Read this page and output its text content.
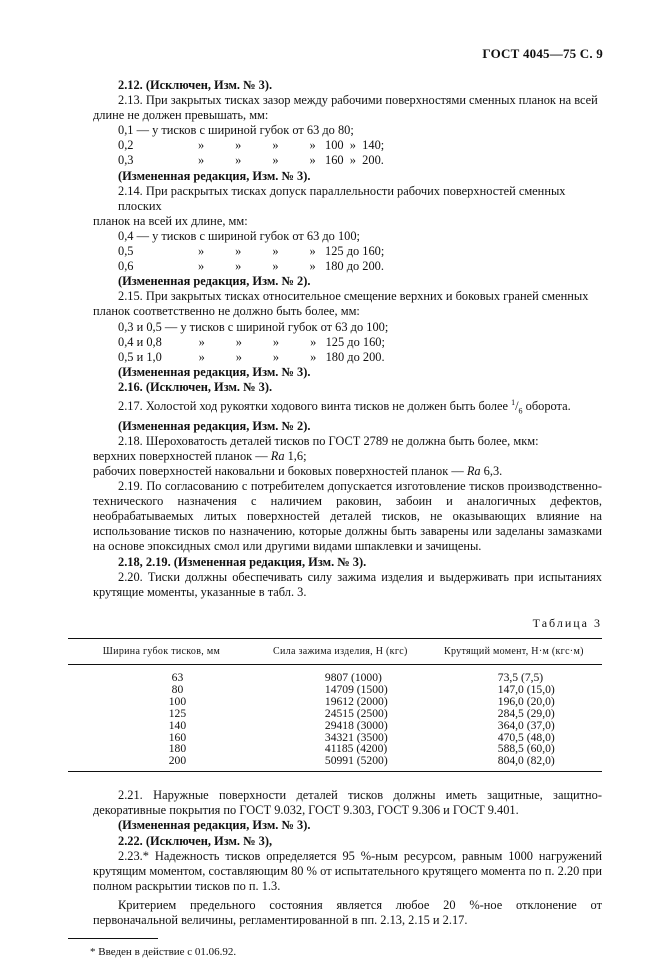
ГОСТ 4045—75 С. 9
2.12. (Исключен, Изм. № 3).
2.13. При закрытых тисках зазор между рабочими поверхностями сменных планок на всей
длине не должен превышать, мм:
0,1 — у тисков с шириной губок от 63 до 80;
0,2	»          »          »          »   100  »  140;
0,3	»          »          »          »   160  »  200.
(Измененная редакция, Изм. № 3).
2.14. При раскрытых тисках допуск параллельности рабочих поверхностей сменных плоских
планок на всей их длине, мм:
0,4 — у тисков с шириной губок от 63 до 100;
0,5	»          »          »          »   125 до 160;
0,6	»          »          »          »   180 до 200.
(Измененная редакция, Изм. № 2).
2.15. При закрытых тисках относительное смещение верхних и боковых граней сменных
планок соответственно не должно быть более, мм:
0,3 и 0,5 — у тисков с шириной губок от 63 до 100;
0,4 и 0,8	»          »          »          »   125 до 160;
0,5 и 1,0	»          »          »          »   180 до 200.
(Измененная редакция, Изм. № 3).
2.16. (Исключен, Изм. № 3).
2.17. Холостой ход рукоятки ходового винта тисков не должен быть более $^1/_6$ оборота.
(Измененная редакция, Изм. № 2).
2.18. Шероховатость деталей тисков по ГОСТ 2789 не должна быть более, мкм:
верхних поверхностей планок — Ra 1,6;
рабочих поверхностей наковальни и боковых поверхностей планок — Ra 6,3.
2.19. По согласованию с потребителем допускается изготовление тисков производственно-технического назначения с наличием раковин, забоин и аналогичных дефектов, необрабатываемых литых поверхностей деталей тисков, не оказывающих влияние на использование тисков по назначению, которые должны быть заварены или заделаны замазками на основе эпоксидных смол или другими видами шпаклевки и зачищены.
2.18, 2.19. (Измененная редакция, Изм. № 3).
2.20. Тиски должны обеспечивать силу зажима изделия и выдерживать при испытаниях крутящие моменты, указанные в табл. 3.
Таблица 3
Ширина губок тисков, мм	Сила зажима изделия, Н (кгс)	Крутящий момент, Н·м (кгс·м)
63	9807 (1000)	73,5 (7,5)
80	14709 (1500)	147,0 (15,0)
100	19612 (2000)	196,0 (20,0)
125	24515 (2500)	284,5 (29,0)
140	29418 (3000)	364,0 (37,0)
160	34321 (3500)	470,5 (48,0)
180	41185 (4200)	588,5 (60,0)
200	50991 (5200)	804,0 (82,0)
2.21. Наружные поверхности деталей тисков должны иметь защитные, защитно-декоративные покрытия по ГОСТ 9.032, ГОСТ 9.303, ГОСТ 9.306 и ГОСТ 9.401.
(Измененная редакция, Изм. № 3).
2.22. (Исключен, Изм. № 3),
2.23.* Надежность тисков определяется 95 %-ным ресурсом, равным 1000 нагружений крутящим моментом, составляющим 80 % от испытательного крутящего момента по п. 2.20 при полном раскрытии тисков по п. 1.3.
Критерием предельного состояния является любое 20 %-ное отклонение от первоначальной величины, регламентированной в пп. 2.13, 2.15 и 2.17.
* Введен в действие с 01.06.92.
